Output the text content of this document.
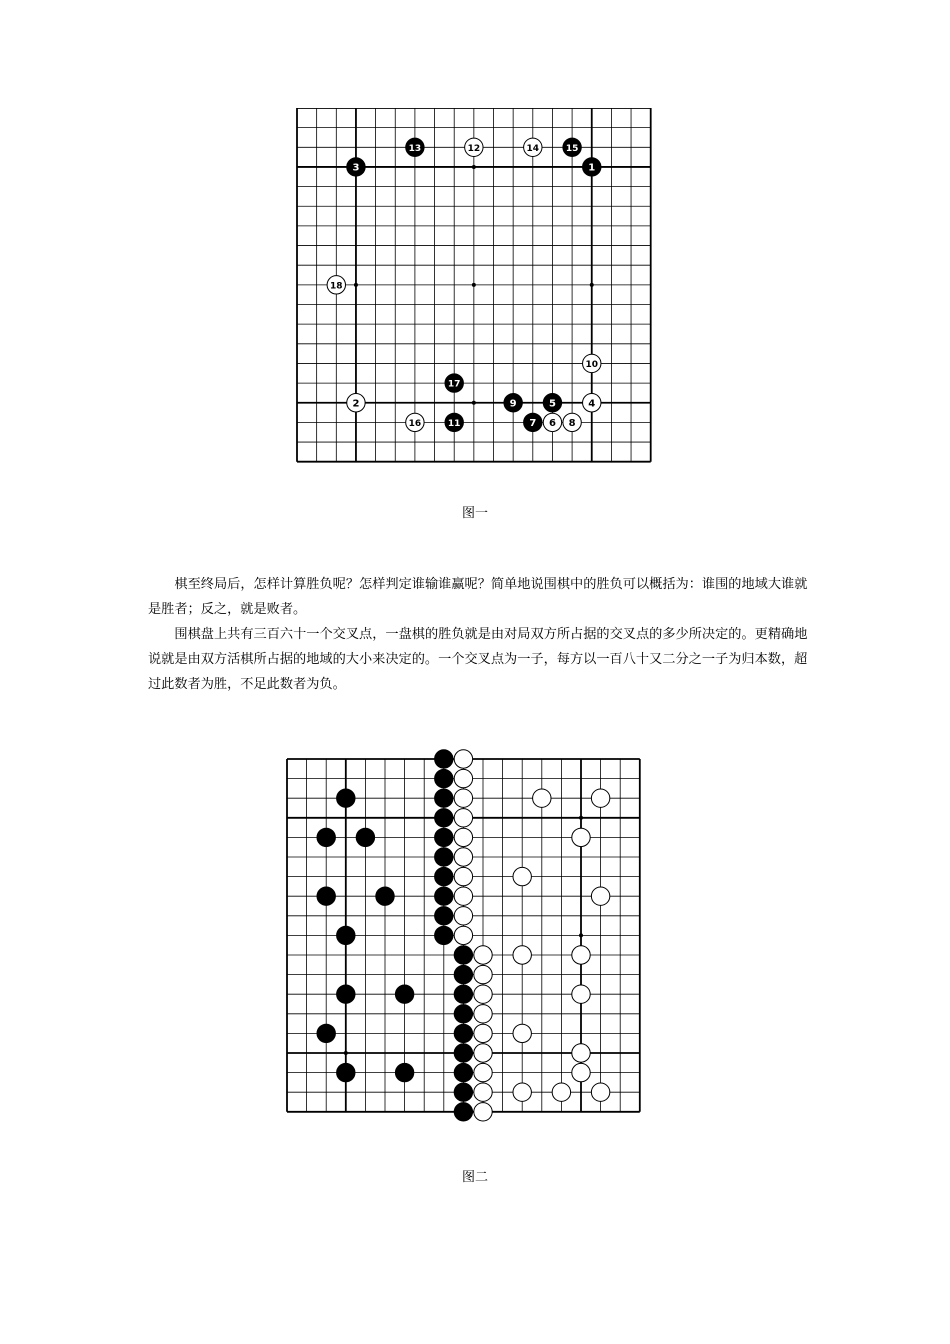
1
2
3
4
5
6
7	8
9
10
11
12
13	14	15
16
17
18
图一

棋至终局后，怎样计算胜负呢？怎样判定谁输谁赢呢？简单地说围棋中的胜负可以概括为：谁围的地域大谁就是胜者；反之，就是败者。

围棋盘上共有三百六十一个交叉点，一盘棋的胜负就是由对局双方所占据的交叉点的多少所决定的。更精确地说就是由双方活棋所占据的地域的大小来决定的。一个交叉点为一子，每方以一百八十又二分之一子为归本数，超过此数者为胜，不足此数者为负。

图二
